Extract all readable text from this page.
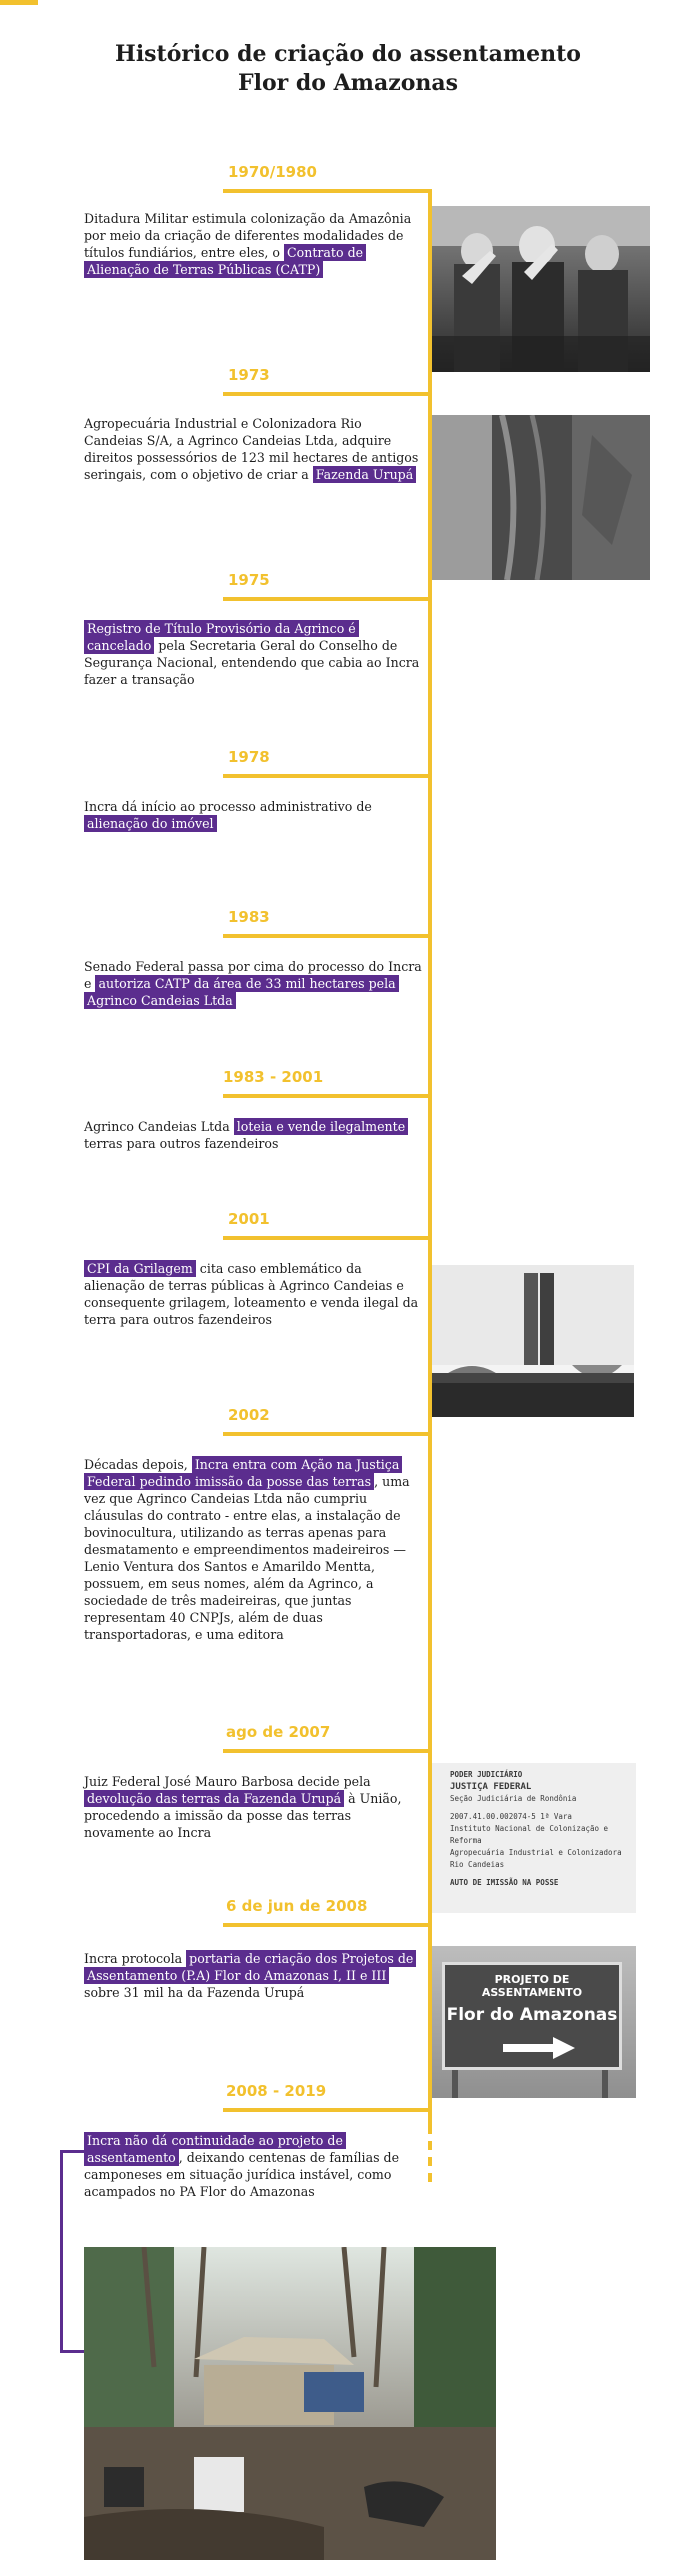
Histórico de criação do assentamento
Flor do Amazonas
1970/1980
Ditadura Militar estimula colonização da Amazônia por meio da criação de diferentes modalidades de títulos fundiários, entre eles, o Contrato de Alienação de Terras Públicas (CATP)
1973
Agropecuária Industrial e Colonizadora Rio Candeias S/A, a Agrinco Candeias Ltda, adquire direitos possessórios de 123 mil hectares de antigos seringais, com o objetivo de criar a Fazenda Urupá
1975
Registro de Título Provisório da Agrinco é cancelado pela Secretaria Geral do Conselho de Segurança Nacional, entendendo que cabia ao Incra fazer a transação
1978
Incra dá início ao processo administrativo de alienação do imóvel
1983
Senado Federal passa por cima do processo do Incra e autoriza CATP da área de 33 mil hectares pela Agrinco Candeias Ltda
1983 - 2001
Agrinco Candeias Ltda loteia e vende ilegalmente terras para outros fazendeiros
2001
CPI da Grilagem cita caso emblemático da alienação de terras públicas à Agrinco Candeias e consequente grilagem, loteamento e venda ilegal da terra para outros fazendeiros
2002
Décadas depois, Incra entra com Ação na Justiça Federal pedindo imissão da posse das terras , uma vez que Agrinco Candeias Ltda não cumpriu cláusulas do contrato - entre elas, a instalação de bovinocultura, utilizando as terras apenas para desmatamento e empreendimentos madeireiros — Lenio Ventura dos Santos e Amarildo Mentta, possuem, em seus nomes, além da Agrinco, a sociedade de três madeireiras, que juntas representam 40 CNPJs, além de duas transportadoras, e uma editora
ago de 2007
Juiz Federal José Mauro Barbosa decide pela devolução das terras da Fazenda Urupá à União, procedendo a imissão da posse das terras novamente ao Incra
PODER JUDICIÁRIO
JUSTIÇA FEDERAL
Seção Judiciária de Rondônia
2007.41.00.002074-5 1ª Vara
Instituto Nacional de Colonização e Reforma
Agropecuária Industrial e Colonizadora Rio Candeias
AUTO DE IMISSÃO NA POSSE
6 de jun de 2008
Incra protocola portaria de criação dos Projetos de Assentamento (P.A) Flor do Amazonas I, II e III sobre 31 mil ha da Fazenda Urupá
PROJETO DE ASSENTAMENTO
Flor do Amazonas
2008 - 2019
Incra não dá continuidade ao projeto de assentamento , deixando centenas de famílias de camponeses em situação jurídica instável, como acampados no PA Flor do Amazonas
